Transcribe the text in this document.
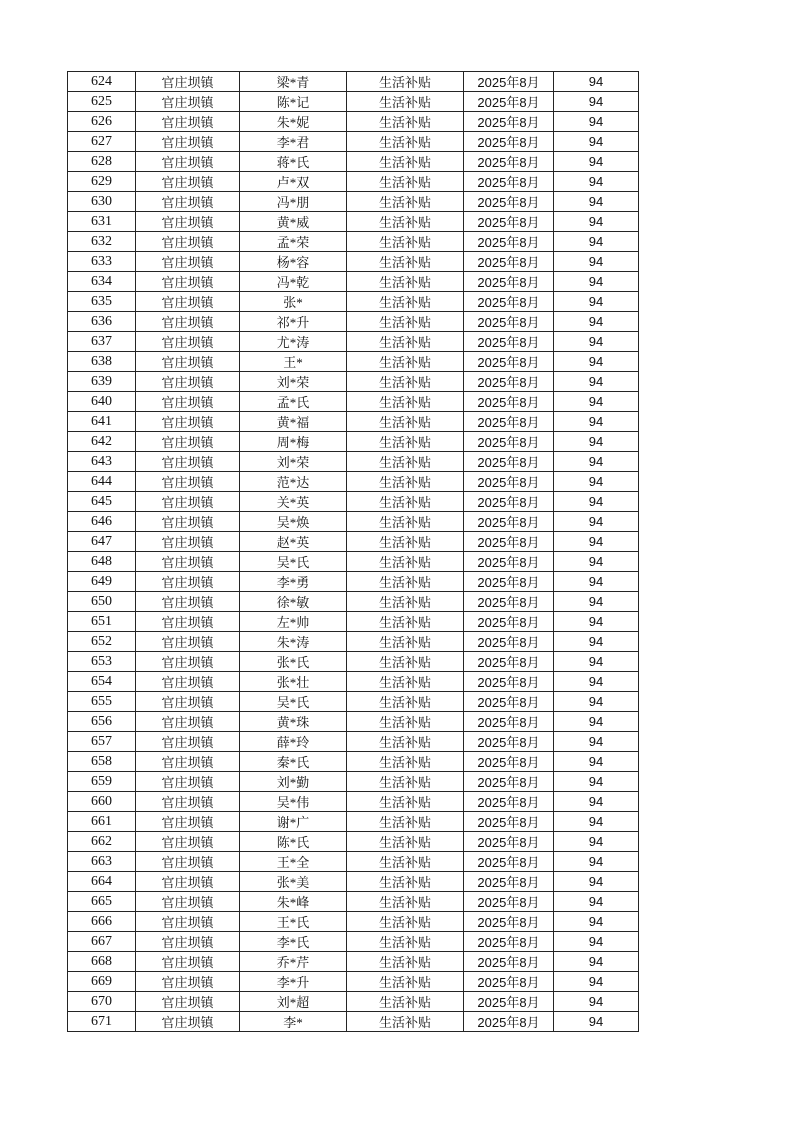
624	官庄坝镇	梁*青	生活补贴	2025年8月	94
625	官庄坝镇	陈*记	生活补贴	2025年8月	94
626	官庄坝镇	朱*妮	生活补贴	2025年8月	94
627	官庄坝镇	李*君	生活补贴	2025年8月	94
628	官庄坝镇	蒋*氏	生活补贴	2025年8月	94
629	官庄坝镇	卢*双	生活补贴	2025年8月	94
630	官庄坝镇	冯*朋	生活补贴	2025年8月	94
631	官庄坝镇	黄*威	生活补贴	2025年8月	94
632	官庄坝镇	孟*荣	生活补贴	2025年8月	94
633	官庄坝镇	杨*容	生活补贴	2025年8月	94
634	官庄坝镇	冯*乾	生活补贴	2025年8月	94
635	官庄坝镇	张*	生活补贴	2025年8月	94
636	官庄坝镇	祁*升	生活补贴	2025年8月	94
637	官庄坝镇	尤*涛	生活补贴	2025年8月	94
638	官庄坝镇	王*	生活补贴	2025年8月	94
639	官庄坝镇	刘*荣	生活补贴	2025年8月	94
640	官庄坝镇	孟*氏	生活补贴	2025年8月	94
641	官庄坝镇	黄*福	生活补贴	2025年8月	94
642	官庄坝镇	周*梅	生活补贴	2025年8月	94
643	官庄坝镇	刘*荣	生活补贴	2025年8月	94
644	官庄坝镇	范*达	生活补贴	2025年8月	94
645	官庄坝镇	关*英	生活补贴	2025年8月	94
646	官庄坝镇	吴*焕	生活补贴	2025年8月	94
647	官庄坝镇	赵*英	生活补贴	2025年8月	94
648	官庄坝镇	吴*氏	生活补贴	2025年8月	94
649	官庄坝镇	李*勇	生活补贴	2025年8月	94
650	官庄坝镇	徐*敏	生活补贴	2025年8月	94
651	官庄坝镇	左*帅	生活补贴	2025年8月	94
652	官庄坝镇	朱*涛	生活补贴	2025年8月	94
653	官庄坝镇	张*氏	生活补贴	2025年8月	94
654	官庄坝镇	张*壮	生活补贴	2025年8月	94
655	官庄坝镇	吴*氏	生活补贴	2025年8月	94
656	官庄坝镇	黄*珠	生活补贴	2025年8月	94
657	官庄坝镇	薛*玲	生活补贴	2025年8月	94
658	官庄坝镇	秦*氏	生活补贴	2025年8月	94
659	官庄坝镇	刘*勤	生活补贴	2025年8月	94
660	官庄坝镇	吴*伟	生活补贴	2025年8月	94
661	官庄坝镇	谢*广	生活补贴	2025年8月	94
662	官庄坝镇	陈*氏	生活补贴	2025年8月	94
663	官庄坝镇	王*全	生活补贴	2025年8月	94
664	官庄坝镇	张*美	生活补贴	2025年8月	94
665	官庄坝镇	朱*峰	生活补贴	2025年8月	94
666	官庄坝镇	王*氏	生活补贴	2025年8月	94
667	官庄坝镇	李*氏	生活补贴	2025年8月	94
668	官庄坝镇	乔*芹	生活补贴	2025年8月	94
669	官庄坝镇	李*升	生活补贴	2025年8月	94
670	官庄坝镇	刘*超	生活补贴	2025年8月	94
671	官庄坝镇	李*	生活补贴	2025年8月	94
